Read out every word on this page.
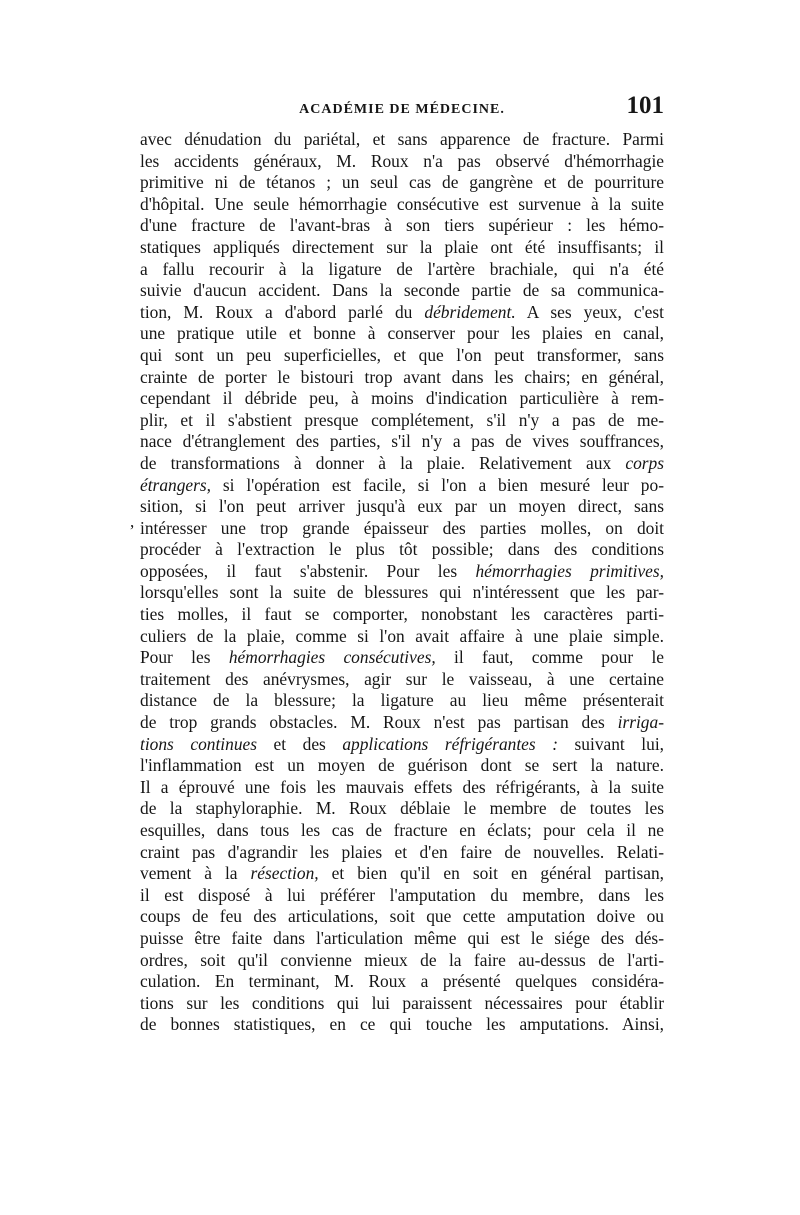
ACADÉMIE DE MÉDECINE.	101
,
avec dénudation du pariétal, et sans apparence de fracture. Parmi
les accidents généraux, M. Roux n'a pas observé d'hémorrhagie
primitive ni de tétanos ; un seul cas de gangrène et de pourriture
d'hôpital. Une seule hémorrhagie consécutive est survenue à la suite
d'une fracture de l'avant-bras à son tiers supérieur : les hémo-
statiques appliqués directement sur la plaie ont été insuffisants; il
a fallu recourir à la ligature de l'artère brachiale, qui n'a été
suivie d'aucun accident. Dans la seconde partie de sa communica-
tion, M. Roux a d'abord parlé du débridement. A ses yeux, c'est
une pratique utile et bonne à conserver pour les plaies en canal,
qui sont un peu superficielles, et que l'on peut transformer, sans
crainte de porter le bistouri trop avant dans les chairs; en général,
cependant il débride peu, à moins d'indication particulière à rem-
plir, et il s'abstient presque complétement, s'il n'y a pas de me-
nace d'étranglement des parties, s'il n'y a pas de vives souffrances,
de transformations à donner à la plaie. Relativement aux corps
étrangers, si l'opération est facile, si l'on a bien mesuré leur po-
sition, si l'on peut arriver jusqu'à eux par un moyen direct, sans
intéresser une trop grande épaisseur des parties molles, on doit
procéder à l'extraction le plus tôt possible; dans des conditions
opposées, il faut s'abstenir. Pour les hémorrhagies primitives,
lorsqu'elles sont la suite de blessures qui n'intéressent que les par-
ties molles, il faut se comporter, nonobstant les caractères parti-
culiers de la plaie, comme si l'on avait affaire à une plaie simple.
Pour les hémorrhagies consécutives, il faut, comme pour le
traitement des anévrysmes, agir sur le vaisseau, à une certaine
distance de la blessure; la ligature au lieu même présenterait
de trop grands obstacles. M. Roux n'est pas partisan des irriga-
tions continues et des applications réfrigérantes : suivant lui,
l'inflammation est un moyen de guérison dont se sert la nature.
Il a éprouvé une fois les mauvais effets des réfrigérants, à la suite
de la staphyloraphie. M. Roux déblaie le membre de toutes les
esquilles, dans tous les cas de fracture en éclats; pour cela il ne
craint pas d'agrandir les plaies et d'en faire de nouvelles. Relati-
vement à la résection, et bien qu'il en soit en général partisan,
il est disposé à lui préférer l'amputation du membre, dans les
coups de feu des articulations, soit que cette amputation doive ou
puisse être faite dans l'articulation même qui est le siége des dés-
ordres, soit qu'il convienne mieux de la faire au-dessus de l'arti-
culation. En terminant, M. Roux a présenté quelques considéra-
tions sur les conditions qui lui paraissent nécessaires pour établir
de bonnes statistiques, en ce qui touche les amputations. Ainsi,
